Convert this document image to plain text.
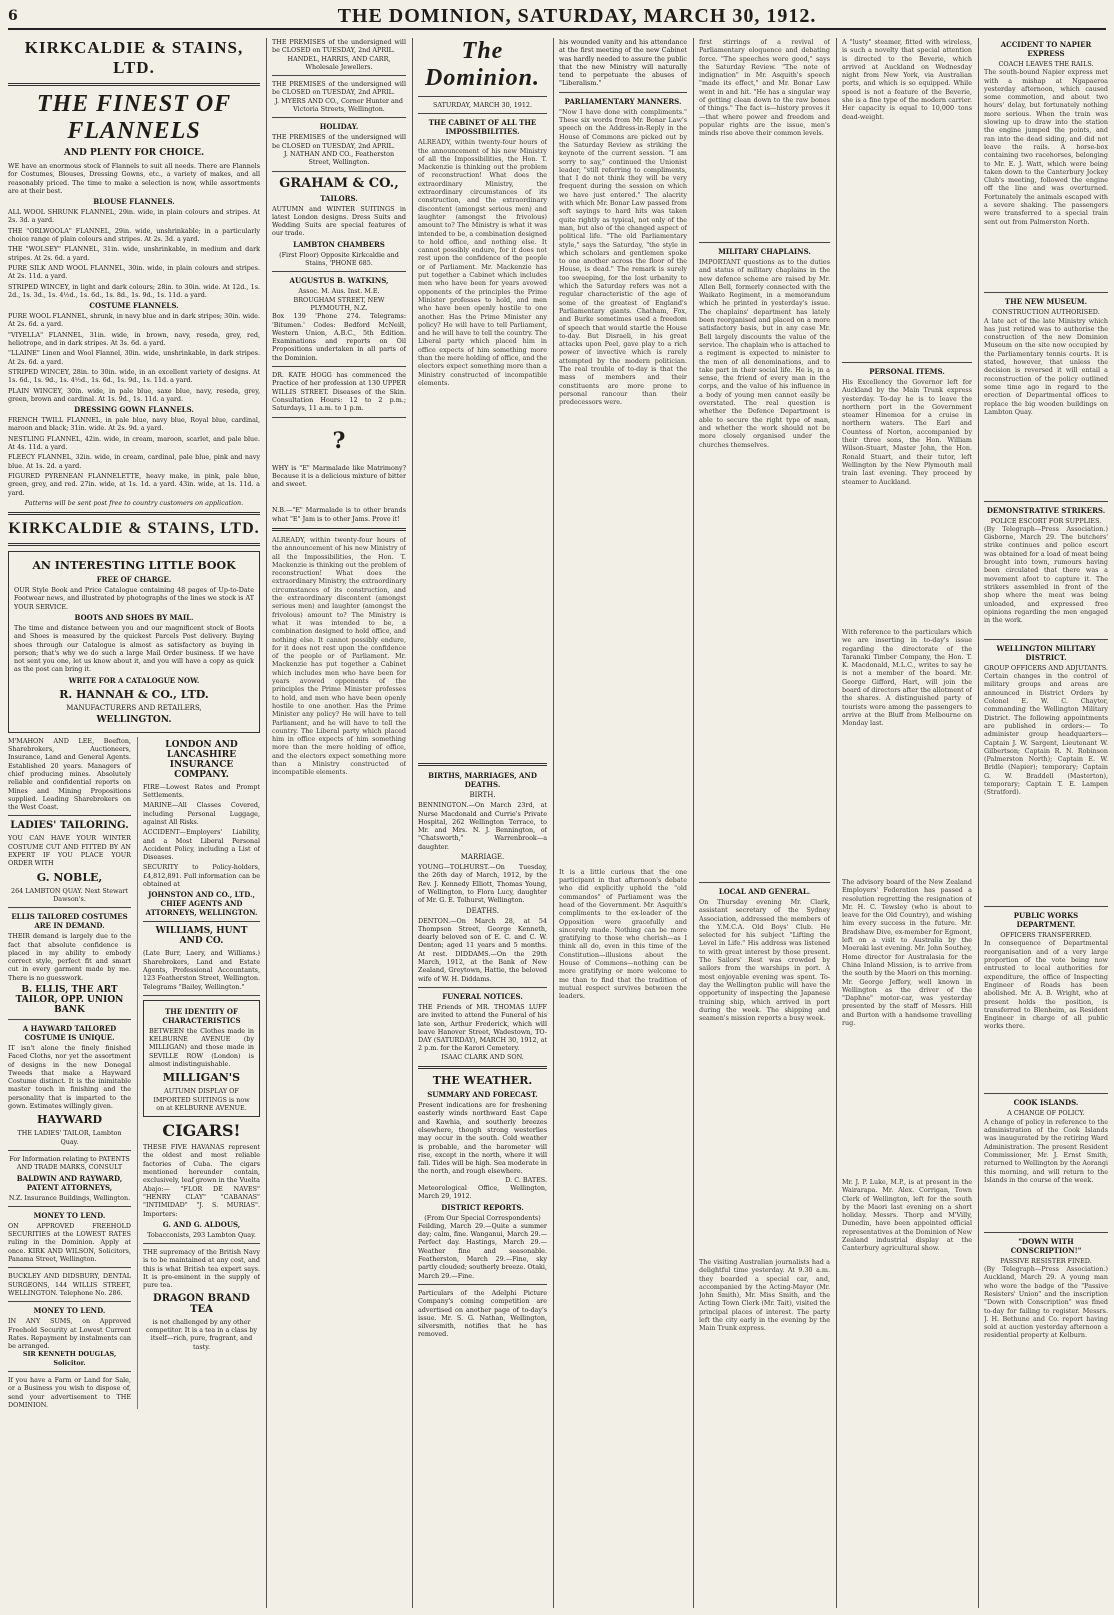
6	THE DOMINION, SATURDAY, MARCH 30, 1912.
KIRKCALDIE & STAINS, LTD.
THE FINEST OF FLANNELS
AND PLENTY FOR CHOICE.
WE have an enormous stock of Flannels to suit all needs. There are Flannels for Costumes, Blouses, Dressing Gowns, etc., a variety of makes, and all reasonably priced. The time to make a selection is now, while assortments are at their best.
BLOUSE FLANNELS.
ALL WOOL SHRUNK FLANNEL, 29in. wide, in plain colours and stripes. At 2s. 3d. a yard.
THE "ORLWOOLA" FLANNEL, 29in. wide, unshrinkable; in a particularly choice range of plain colours and stripes. At 2s. 3d. a yard.
THE "WOLSEY" FLANNEL, 31in. wide, unshrinkable, in medium and dark stripes. At 2s. 6d. a yard.
PURE SILK AND WOOL FLANNEL, 30in. wide, in plain colours and stripes. At 2s. 11d. a yard.
STRIPED WINCEY, in light and dark colours; 28in. to 30in. wide. At 12d., 1s. 2d., 1s. 3d., 1s. 4½d., 1s. 6d., 1s. 8d., 1s. 9d., 1s. 11d. a yard.
COSTUME FLANNELS.
PURE WOOL FLANNEL, shrunk, in navy blue and in dark stripes; 30in. wide. At 2s. 6d. a yard.
"VIYELLA" FLANNEL, 31in. wide, in brown, navy, reseda, grey, red, heliotrope, and in dark stripes. At 3s. 6d. a yard.
"LLAINE" Linen and Wool Flannel, 30in. wide, unshrinkable, in dark stripes. At 2s. 6d. a yard.
STRIPED WINCEY, 28in. to 30in. wide, in an excellent variety of designs. At 1s. 6d., 1s. 9d., 1s. 4½d., 1s. 6d., 1s. 9d., 1s. 11d. a yard.
PLAIN WINCEY, 30in. wide, in pale blue, saxe blue, navy, reseda, grey, green, brown and cardinal. At 1s. 9d., 1s. 11d. a yard.
DRESSING GOWN FLANNELS.
FRENCH TWILL FLANNEL, in pale blue, navy blue, Royal blue, cardinal, maroon and black; 31in. wide. At 2s. 9d. a yard.
NESTLING FLANNEL, 42in. wide, in cream, maroon, scarlet, and pale blue. At 4s. 11d. a yard.
FLEECY FLANNEL, 32in. wide, in cream, cardinal, pale blue, pink and navy blue. At 1s. 2d. a yard.
FIGURED PYRENEAN FLANNELETTE, heavy make, in pink, pale blue, green, grey, and red. 27in. wide, at 1s. 1d. a yard. 43in. wide, at 1s. 11d. a yard.
Patterns will be sent post free to country customers on application.
KIRKCALDIE & STAINS, LTD.
AN INTERESTING LITTLE BOOK
FREE OF CHARGE.
OUR Style Book and Price Catalogue containing 48 pages of Up-to-Date Footwear news, and illustrated by photographs of the lines we stock is AT YOUR SERVICE.
BOOTS AND SHOES BY MAIL.
The time and distance between you and our magnificent stock of Boots and Shoes is measured by the quickest Parcels Post delivery. Buying shoes through our Catalogue is almost as satisfactory as buying in person; that's why we do such a large Mail Order business. If we have not sent you one, let us know about it, and you will have a copy as quick as the post can bring it.
WRITE FOR A CATALOGUE NOW.
R. HANNAH & CO., LTD.
MANUFACTURERS AND RETAILERS,
WELLINGTON.
M'MAHON AND LEE, Beefton, Sharebrokers, Auctioneers, Insurance, Land and General Agents. Established 20 years. Managers of chief producing mines. Absolutely reliable and confidential reports on Mines and Mining Propositions supplied. Leading Sharebrokers on the West Coast.
LADIES' TAILORING.
YOU CAN HAVE YOUR WINTER COSTUME CUT AND FITTED BY AN EXPERT IF YOU PLACE YOUR ORDER WITH
G. NOBLE,
264 LAMBTON QUAY. Next Stewart Dawson's.
ELLIS TAILORED COSTUMES ARE IN DEMAND.
THEIR demand is largely due to the fact that absolute confidence is placed in my ability to embody correct style, perfect fit and smart cut in every garment made by me. There is no guesswork.
B. ELLIS, THE ART TAILOR, OPP. UNION BANK
A HAYWARD TAILORED COSTUME IS UNIQUE.
IT isn't alone the finely finished Faced Cloths, nor yet the assortment of designs in the new Donegal Tweeds that make a Hayward Costume distinct. It is the inimitable master touch in finishing and the personality that is imparted to the gown. Estimates willingly given.
HAYWARD
THE LADIES' TAILOR, Lambton Quay.
For Information relating to PATENTS AND TRADE MARKS, CONSULT
BALDWIN AND RAYWARD, PATENT ATTORNEYS,
N.Z. Insurance Buildings, Wellington.
MONEY TO LEND.
ON APPROVED FREEHOLD SECURITIES at the LOWEST RATES ruling in the Dominion. Apply at once. KIRK AND WILSON, Solicitors, Panama Street, Wellington.
BUCKLEY AND DIDSBURY, DENTAL SURGEONS, 144 WILLIS STREET, WELLINGTON. Telephone No. 286.
MONEY TO LEND.
IN ANY SUMS, on Approved Freehold Security at Lowest Current Rates. Repayment by instalments can be arranged.
SIR KENNETH DOUGLAS, Solicitor.
If you have a Farm or Land for Sale, or a Business you wish to dispose of, send your advertisement to THE DOMINION.
LONDON AND LANCASHIRE INSURANCE COMPANY.
FIRE—Lowest Rates and Prompt Settlements.
MARINE—All Classes Covered, including Personal Luggage, against All Risks.
ACCIDENT—Employers' Liability, and a Most Liberal Personal Accident Policy, including a List of Diseases.
SECURITY to Policy-holders, £4,812,891. Full information can be obtained at
JOHNSTON AND CO., LTD., CHIEF AGENTS AND ATTORNEYS, WELLINGTON.
WILLIAMS, HUNT AND CO.
(Late Burr, Laery, and Williams.) Sharebrokers, Land and Estate Agents, Professional Accountants, 123 Featherston Street, Wellington. Telegrams "Bailey, Wellington."
THE IDENTITY OF CHARACTERISTICS
BETWEEN the Clothes made in KELBURNE AVENUE (by MILLIGAN) and those made in SEVILLE ROW (London) is almost indistinguishable.
MILLIGAN'S
AUTUMN DISPLAY OF IMPORTED SUITINGS is now on at KELBURNE AVENUE.
CIGARS!
THESE FIVE HAVANAS represent the oldest and most reliable factories of Cuba. The cigars mentioned hereunder contain, exclusively, leaf grown in the Vuelta Abajo:— "FLOR DE NAVES" "HENRY CLAY" "CABANAS" "INTIMIDAD" "J. S. MURIAS". Importers:
G. AND G. ALDOUS,
Tobacconists, 293 Lambton Quay.
THE supremacy of the British Navy is to be maintained at any cost, and this is what British tea expert says. It is pre-eminent in the supply of pure tea.
DRAGON BRAND TEA
is not challenged by any other competitor. It is a tea in a class by itself—rich, pure, fragrant, and tasty.
THE PREMISES of the undersigned will be CLOSED on TUESDAY, 2nd APRIL.
HANDEL, HARRIS, AND CARR, Wholesale Jewellers.
THE PREMISES of the undersigned will be CLOSED on TUESDAY, 2nd APRIL.
J. MYERS AND CO., Corner Hunter and Victoria Streets, Wellington.
HOLIDAY.
THE PREMISES of the undersigned will be CLOSED on TUESDAY, 2nd APRIL.
J. NATHAN AND CO., Featherston Street, Wellington.
GRAHAM & CO.,
TAILORS.
AUTUMN and WINTER SUITINGS in latest London designs. Dress Suits and Wedding Suits are special features of our trade.
LAMBTON CHAMBERS
(First Floor) Opposite Kirkcaldie and Stains, 'PHONE 685.
AUGUSTUS B. WATKINS,
Assoc. M. Aus. Inst. M.E.
BROUGHAM STREET, NEW PLYMOUTH, N.Z.
Box 139 'Phone 274. Telegrams: 'Bitumen.' Codes: Bedford McNeill, Western Union, A.B.C., 5th Edition. Examinations and reports on Oil Propositions undertaken in all parts of the Dominion.
DR. KATE HOGG has commenced the Practice of her profession at 130 UPPER WILLIS STREET. Diseases of the Skin. Consultation Hours: 12 to 2 p.m.; Saturdays, 11 a.m. to 1 p.m.
?
WHY is "E" Marmalade like Matrimony? Because it is a delicious mixture of bitter and sweet.
N.B.—"E" Marmalade is to other brands what "E" Jam is to other Jams. Prove it!
ALREADY, within twenty-four hours of the announcement of his new Ministry of all the Impossibilities, the Hon. T. Mackenzie is thinking out the problem of reconstruction! What does the extraordinary Ministry, the extraordinary circumstances of its construction, and the extraordinary discontent (amongst serious men) and laughter (amongst the frivolous) amount to? The Ministry is what it was intended to be, a combination designed to hold office, and nothing else. It cannot possibly endure, for it does not rest upon the confidence of the people or of Parliament. Mr. Mackenzie has put together a Cabinet which includes men who have been for years avowed opponents of the principles the Prime Minister professes to hold, and men who have been openly hostile to one another. Has the Prime Minister any policy? He will have to tell Parliament, and he will have to tell the country. The Liberal party which placed him in office expects of him something more than the mere holding of office, and the electors expect something more than a Ministry constructed of incompatible elements.
The Dominion.
SATURDAY, MARCH 30, 1912.
THE CABINET OF ALL THE IMPOSSIBILITIES.
ALREADY, within twenty-four hours of the announcement of his new Ministry of all the Impossibilities, the Hon. T. Mackenzie is thinking out the problem of reconstruction! What does the extraordinary Ministry, the extraordinary circumstances of its construction, and the extraordinary discontent (amongst serious men) and laughter (amongst the frivolous) amount to? The Ministry is what it was intended to be, a combination designed to hold office, and nothing else. It cannot possibly endure, for it does not rest upon the confidence of the people or of Parliament. Mr. Mackenzie has put together a Cabinet which includes men who have been for years avowed opponents of the principles the Prime Minister professes to hold, and men who have been openly hostile to one another. Has the Prime Minister any policy? He will have to tell Parliament, and he will have to tell the country. The Liberal party which placed him in office expects of him something more than the mere holding of office, and the electors expect something more than a Ministry constructed of incompatible elements.
BIRTHS, MARRIAGES, AND DEATHS.
BIRTH.
BENNINGTON.—On March 23rd, at Nurse Macdonald and Currie's Private Hospital, 262 Wellington Terrace, to Mr. and Mrs. N. J. Bennington, of "Chatsworth," Warrenbrook—a daughter.
MARRIAGE.
YOUNG—TOLHURST.—On Tuesday, the 26th day of March, 1912, by the Rev. J. Kennedy Elliott, Thomas Young, of Wellington, to Flora Lucy, daughter of Mr. G. E. Tolhurst, Wellington.
DEATHS.
DENTON.—On March 28, at 54 Thompson Street, George Kenneth, dearly beloved son of E. C. and C. W. Denton; aged 11 years and 5 months. At rest. DIDDAMS.—On the 29th March, 1912, at the Bank of New Zealand, Greytown, Hattie, the beloved wife of W. H. Diddams.
FUNERAL NOTICES.
THE Friends of MR. THOMAS LUFF are invited to attend the Funeral of his late son, Arthur Frederick, which will leave Hanover Street, Wadestown, TO-DAY (SATURDAY), MARCH 30, 1912, at 2 p.m. for the Karori Cemetery.
ISAAC CLARK AND SON.
THE WEATHER.
SUMMARY AND FORECAST.
Present indications are for freshening easterly winds northward East Cape and Kawhia, and southerly breezes elsewhere, though strong westerlies may occur in the south. Cold weather is probable, and the barometer will rise, except in the north, where it will fall. Tides will be high. Sea moderate in the north, and rough elsewhere.
D. C. BATES.
Meteorological Office, Wellington, March 29, 1912.
DISTRICT REPORTS.
(From Our Special Correspondents)
Feilding, March 29.—Quite a summer day; calm, fine. Wanganui, March 29.—Perfect day. Hastings, March 29.—Weather fine and seasonable. Featherston, March 29.—Fine, sky partly clouded; southerly breeze. Otaki, March 29.—Fine.
Particulars of the Adelphi Picture Company's coming competition are advertised on another page of to-day's issue. Mr. S. G. Nathan, Wellington, silversmith, notifies that he has removed.
his wounded vanity and his attendance at the first meeting of the new Cabinet was hardly needed to assure the public that the new Ministry will naturally tend to perpetuate the abuses of "Liberalism."
PARLIAMENTARY MANNERS.
"Now I have done with compliments." These six words from Mr. Bonar Law's speech on the Address-in-Reply in the House of Commons are picked out by the Saturday Review as striking the keynote of the current session. "I am sorry to say," continued the Unionist leader, "still referring to compliments, that I do not think they will be very frequent during the session on which we have just entered." The alacrity with which Mr. Bonar Law passed from soft sayings to hard hits was taken quite rightly as typical, not only of the man, but also of the changed aspect of political life. "The old Parliamentary style," says the Saturday, "the style in which scholars and gentlemen spoke to one another across the floor of the House, is dead." The remark is surely too sweeping, for the lost urbanity to which the Saturday refers was not a regular characteristic of the age of some of the greatest of England's Parliamentary giants. Chatham, Fox, and Burke sometimes used a freedom of speech that would startle the House to-day. But Disraeli, in his great attacks upon Peel, gave play to a rich power of invective which is rarely attempted by the modern politician. The real trouble of to-day is that the mass of members and their constituents are more prone to personal rancour than their predecessors were.
It is a little curious that the one participant in that afternoon's debate who did explicitly uphold the "old commandos" of Parliament was the head of the Government. Mr. Asquith's compliments to the ex-leader of the Opposition were gracefully and sincerely made. Nothing can be more gratifying to those who cherish—as I think all do, even in this time of the Constitution—illusions about the House of Commons—nothing can be more gratifying or more welcome to me than to find that the tradition of mutual respect survives between the leaders.
first stirrings of a revival of Parliamentary eloquence and debating force. "The speeches were good," says the Saturday Review. "The note of indignation" in Mr. Asquith's speech "made its effect," and Mr. Bonar Law went in and hit. "He has a singular way of getting clean down to the raw bones of things." The fact is—history proves it—that where power and freedom and popular rights are the issue, men's minds rise above their common levels.
MILITARY CHAPLAINS.
IMPORTANT questions as to the duties and status of military chaplains in the new defence scheme are raised by Mr. Allen Bell, formerly connected with the Waikato Regiment, in a memorandum which he printed in yesterday's issue. The chaplains' department has lately been reorganised and placed on a more satisfactory basis, but in any case Mr. Bell largely discounts the value of the service. The chaplain who is attached to a regiment is expected to minister to the men of all denominations, and to take part in their social life. He is, in a sense, the friend of every man in the corps, and the value of his influence in a body of young men cannot easily be overstated. The real question is whether the Defence Department is able to secure the right type of man, and whether the work should not be more closely organised under the churches themselves.
LOCAL AND GENERAL.
On Thursday evening Mr. Clark, assistant secretary of the Sydney Association, addressed the members of the Y.M.C.A. Old Boys' Club. He selected for his subject "Lifting the Level in Life." His address was listened to with great interest by those present. The Sailors' Rest was crowded by sailors from the warships in port. A most enjoyable evening was spent. To-day the Wellington public will have the opportunity of inspecting the Japanese training ship, which arrived in port during the week. The shipping and seamen's mission reports a busy week.
The visiting Australian journalists had a delightful time yesterday. At 9.30 a.m. they boarded a special car, and, accompanied by the Acting-Mayor (Mr. John Smith), Mr. Miss Smith, and the Acting Town Clerk (Mr. Tait), visited the principal places of interest. The party left the city early in the evening by the Main Trunk express.
A "lusty" steamer, fitted with wireless, is such a novelty that special attention is directed to the Beverie, which arrived at Auckland on Wednesday night from New York, via Australian ports, and which is so equipped. While speed is not a feature of the Beverie, she is a fine type of the modern carrier. Her capacity is equal to 10,000 tons dead-weight.
PERSONAL ITEMS.
His Excellency the Governor left for Auckland by the Main Trunk express yesterday. To-day he is to leave the northern port in the Government steamer Hinemoa for a cruise in northern waters. The Earl and Countess of Norton, accompanied by their three sons, the Hon. William Wilson-Stuart, Master John, the Hon. Ronald Stuart, and their tutor, left Wellington by the New Plymouth mail train last evening. They proceed by steamer to Auckland.
With reference to the particulars which we are inserting in to-day's issue regarding the directorate of the Taranaki Timber Company, the Hon. T. K. Macdonald, M.L.C., writes to say he is not a member of the board. Mr. George Gifford, Hart, will join the board of directors after the allotment of the shares. A distinguished party of tourists were among the passengers to arrive at the Bluff from Melbourne on Monday last.
The advisory board of the New Zealand Employers' Federation has passed a resolution regretting the resignation of Mr. H. C. Tewsley (who is about to leave for the Old Country), and wishing him every success in the future. Mr. Bradshaw Dive, ex-member for Egmont, left on a visit to Australia by the Moeraki last evening. Mr. John Southey, Home director for Australasia for the China Inland Mission, is to arrive from the south by the Maori on this morning. Mr. George Jeffery, well known in Wellington as the driver of the "Daphne" motor-car, was yesterday presented by the staff of Messrs. Hill and Burton with a handsome travelling rug.
Mr. J. P. Luke, M.P., is at present in the Wairarapa. Mr. Alex. Corrigan, Town Clerk of Wellington, left for the south by the Maori last evening on a short holiday. Messrs. Thorp and M'Villy, Dunedin, have been appointed official representatives at the Dominion of New Zealand industrial display at the Canterbury agricultural show.
ACCIDENT TO NAPIER EXPRESS
COACH LEAVES THE RAILS.
The south-bound Napier express met with a mishap at Ngapaeroa yesterday afternoon, which caused some commotion, and about two hours' delay, but fortunately nothing more serious. When the train was slowing up to draw into the station the engine jumped the points, and ran into the dead siding, and did not leave the rails. A horse-box containing two racehorses, belonging to Mr. E. J. Watt, which were being taken down to the Canterbury Jockey Club's meeting, followed the engine off the line and was overturned. Fortunately the animals escaped with a severe shaking. The passengers were transferred to a special train sent out from Palmerston North.
THE NEW MUSEUM.
CONSTRUCTION AUTHORISED.
A late act of the late Ministry which has just retired was to authorise the construction of the new Dominion Museum on the site now occupied by the Parliamentary tennis courts. It is stated, however, that unless the decision is reversed it will entail a reconstruction of the policy outlined some time ago in regard to the erection of Departmental offices to replace the big wooden buildings on Lambton Quay.
DEMONSTRATIVE STRIKERS.
POLICE ESCORT FOR SUPPLIES.
(By Telegraph—Press Association.) Gisborne, March 29. The butchers' strike continues and police escort was obtained for a load of meat being brought into town, rumours having been circulated that there was a movement afoot to capture it. The strikers assembled in front of the shop where the meat was being unloaded, and expressed free opinions regarding the men engaged in the work.
WELLINGTON MILITARY DISTRICT.
GROUP OFFICERS AND ADJUTANTS.
Certain changes in the control of military groups and areas are announced in District Orders by Colonel E. W. C. Chaytor, commanding the Wellington Military District. The following appointments are published in orders:— To administer group headquarters—Captain J. W. Sargent, Lieutenant W. Gilbertson; Captain R. N. Robinson (Palmerston North); Captain E. W. Bridle (Napier); temporary; Captain G. W. Braddell (Masterton), temporary; Captain T. E. Lampen (Stratford).
PUBLIC WORKS DEPARTMENT.
OFFICERS TRANSFERRED.
In consequence of Departmental reorganisation and of a very large proportion of the vote being now entrusted to local authorities for expenditure, the office of Inspecting Engineer of Roads has been abolished. Mr. A. B. Wright, who at present holds the position, is transferred to Blenheim, as Resident Engineer in charge of all public works there.
COOK ISLANDS.
A CHANGE OF POLICY.
A change of policy in reference to the administration of the Cook Islands was inaugurated by the retiring Ward Administration. The present Resident Commissioner, Mr. J. Ernst Smith, returned to Wellington by the Aorangi this morning, and will return to the Islands in the course of the week.
"DOWN WITH CONSCRIPTION!"
PASSIVE RESISTER FINED.
(By Telegraph—Press Association.) Auckland, March 29. A young man who wore the badge of the "Passive Resisters' Union" and the inscription "Down with Conscription" was fined to-day for failing to register. Messrs. J. H. Bethune and Co. report having sold at auction yesterday afternoon a residential property at Kelburn.
